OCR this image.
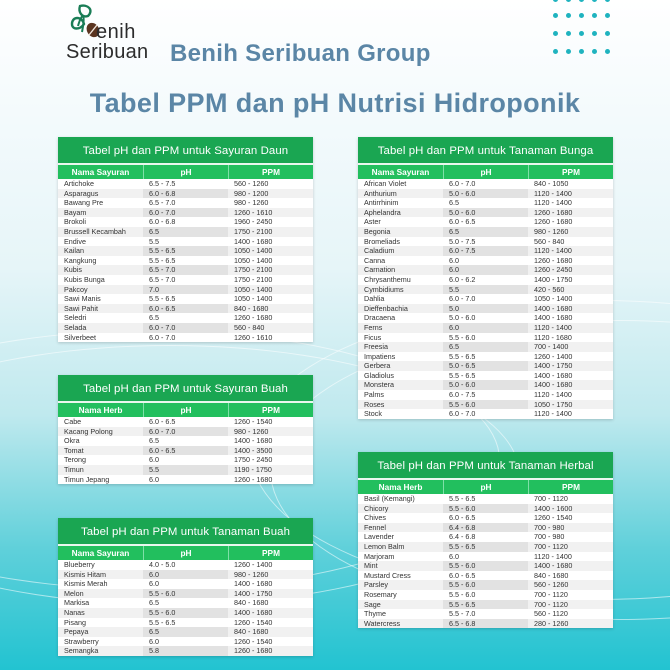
enih
Seribuan Benih Seribuan Group
Tabel PPM dan pH Nutrisi Hidroponik
Tabel pH dan PPM untuk Sayuran Daun
Nama Sayuran	pH	PPM
Artichoke	6.5 - 7.5	560 - 1260
Asparagus	6.0 - 6.8	980 - 1200
Bawang Pre	6.5 - 7.0	980 - 1260
Bayam	6.0 - 7.0	1260 - 1610
Brokoli	6.0 - 6.8	1960 - 2450
Brussell Kecambah	6.5	1750 - 2100
Endive	5.5	1400 - 1680
Kailan	5.5 - 6.5	1050 - 1400
Kangkung	5.5 - 6.5	1050 - 1400
Kubis	6.5 - 7.0	1750 - 2100
Kubis Bunga	6.5 - 7.0	1750 - 2100
Pakcoy	7.0	1050 - 1400
Sawi Manis	5.5 - 6.5	1050 - 1400
Sawi Pahit	6.0 - 6.5	840 - 1680
Seledri	6.5	1260 - 1680
Selada	6.0 - 7.0	560 - 840
Silverbeet	6.0 - 7.0	1260 - 1610
Tabel pH dan PPM untuk Sayuran Buah
Nama Herb	pH	PPM
Cabe	6.0 - 6.5	1260 - 1540
Kacang Polong	6.0 - 7.0	980 - 1260
Okra	6.5	1400 - 1680
Tomat	6.0 - 6.5	1400 - 3500
Terong	6.0	1750 - 2450
Timun	5.5	1190 - 1750
Timun Jepang	6.0	1260 - 1680
Tabel pH dan PPM untuk Tanaman Buah
Nama Sayuran	pH	PPM
Blueberry	4.0 - 5.0	1260 - 1400
Kismis Hitam	6.0	980 - 1260
Kismis Merah	6.0	1400 - 1680
Melon	5.5 - 6.0	1400 - 1750
Markisa	6.5	840 - 1680
Nanas	5.5 - 6.0	1400 - 1680
Pisang	5.5 - 6.5	1260 - 1540
Pepaya	6.5	840 - 1680
Strawberry	6.0	1260 - 1540
Semangka	5.8	1260 - 1680
Tabel pH dan PPM untuk Tanaman Bunga
Nama Sayuran	pH	PPM
African Violet	6.0 - 7.0	840 - 1050
Anthurium	5.0 - 6.0	1120 - 1400
Antirrhinim	6.5	1120 - 1400
Aphelandra	5.0 - 6.0	1260 - 1680
Aster	6.0 - 6.5	1260 - 1680
Begonia	6.5	980 - 1260
Bromeliads	5.0 - 7.5	560 - 840
Caladium	6.0 - 7.5	1120 - 1400
Canna	6.0	1260 - 1680
Carnation	6.0	1260 - 2450
Chrysanthemu	6.0 - 6.2	1400 - 1750
Cymbidiums	5.5	420 - 560
Dahlia	6.0 - 7.0	1050 - 1400
Dieffenbachia	5.0	1400 - 1680
Dracaena	5.0 - 6.0	1400 - 1680
Ferns	6.0	1120 - 1400
Ficus	5.5 - 6.0	1120 - 1680
Freesia	6.5	700 - 1400
Impatiens	5.5 - 6.5	1260 - 1400
Gerbera	5.0 - 6.5	1400 - 1750
Gladiolus	5.5 - 6.5	1400 - 1680
Monstera	5.0 - 6.0	1400 - 1680
Palms	6.0 - 7.5	1120 - 1400
Roses	5.5 - 6.0	1050 - 1750
Stock	6.0 - 7.0	1120 - 1400
Tabel pH dan PPM untuk Tanaman Herbal
Nama Herb	pH	PPM
Basil (Kemangi)	5.5 - 6.5	700 - 1120
Chicory	5.5 - 6.0	1400 - 1600
Chives	6.0 - 6.5	1260 - 1540
Fennel	6.4 - 6.8	700 - 980
Lavender	6.4 - 6.8	700 - 980
Lemon Balm	5.5 - 6.5	700 - 1120
Marjoram	6.0	1120 - 1400
Mint	5.5 - 6.0	1400 - 1680
Mustard Cress	6.0 - 6.5	840 - 1680
Parsley	5.5 - 6.0	560 - 1260
Rosemary	5.5 - 6.0	700 - 1120
Sage	5.5 - 6.5	700 - 1120
Thyme	5.5 - 7.0	560 - 1120
Watercress	6.5 - 6.8	280 - 1260
